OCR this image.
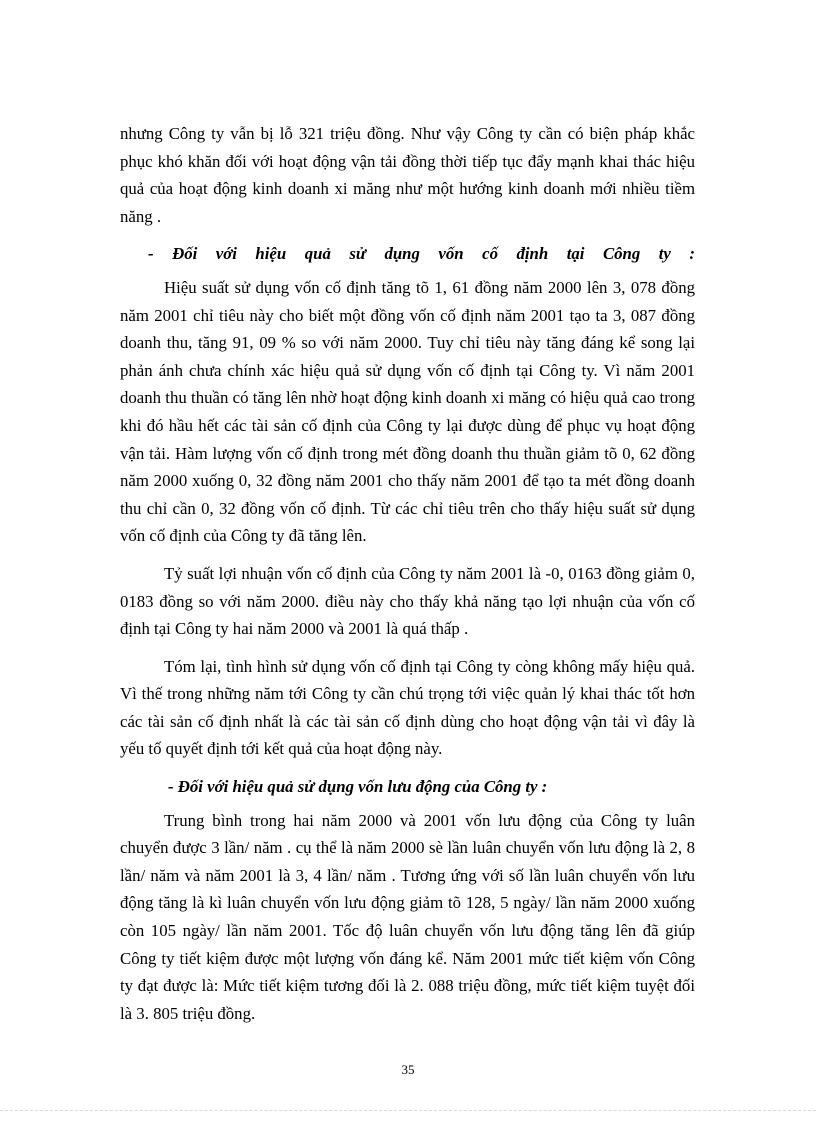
nhưng Công ty vẫn bị lỗ 321 triệu đồng. Như vậy Công ty cần có biện pháp khắc phục khó khăn đối với hoạt động vận tải đồng thời tiếp tục đẩy mạnh khai thác hiệu quả của hoạt động kinh doanh xi măng như một hướng kinh doanh mới nhiều tiềm năng .

- Đối với hiệu quả sử dụng vốn cố định tại Công ty :

Hiệu suất sử dụng vốn cố định tăng tõ 1, 61 đồng năm 2000 lên 3, 078 đồng năm 2001 chỉ tiêu này cho biết một đồng vốn cố định năm 2001 tạo ta 3, 087 đồng doanh thu, tăng 91, 09 % so với năm 2000. Tuy chỉ tiêu này tăng đáng kể song lại phản ánh chưa chính xác hiệu quả sử dụng vốn cố định tại Công ty. Vì năm 2001 doanh thu thuần có tăng lên nhờ hoạt động kinh doanh xi măng có hiệu quả cao trong khi đó hầu hết các tài sản cố định của Công ty lại được dùng để phục vụ hoạt động vận tải. Hàm lượng vốn cố định trong mét đồng doanh thu thuần giảm tõ 0, 62 đồng năm 2000 xuống 0, 32 đồng năm 2001 cho thấy năm 2001 để tạo ta mét đồng doanh thu chỉ cần 0, 32 đồng vốn cố định. Từ các chỉ tiêu trên cho thấy hiệu suất sử dụng vốn cố định của Công ty đã tăng lên.

Tỷ suất lợi nhuận vốn cố định của Công ty năm 2001 là -0, 0163 đồng giảm 0, 0183 đồng so với năm 2000. điều này cho thấy khả năng tạo lợi nhuận của vốn cố định tại Công ty hai năm 2000 và 2001 là quá thấp .

Tóm lại, tình hình sử dụng vốn cố định tại Công ty còng không mấy hiệu quả. Vì thế trong những năm tới Công ty cần chú trọng tới việc quản lý khai thác tốt hơn các tài sản cố định nhất là các tài sản cố định dùng cho hoạt động vận tải vì đây là yếu tố quyết định tới kết quả của hoạt động này.

- Đối với hiệu quả sử dụng vốn lưu động của Công ty :

Trung bình trong hai năm 2000 và 2001 vốn lưu động của Công ty luân chuyển được 3 lần/ năm . cụ thể là năm 2000 sè lần luân chuyển vốn lưu động là 2, 8 lần/ năm và năm 2001 là 3, 4 lần/ năm . Tương ứng với số lần luân chuyển vốn lưu động tăng là kì luân chuyển vốn lưu động giảm tõ 128, 5 ngày/ lần năm 2000 xuống còn 105 ngày/ lần năm 2001. Tốc độ luân chuyển vốn lưu động tăng lên đã giúp Công ty tiết kiệm được một lượng vốn đáng kể. Năm 2001 mức tiết kiệm vốn Công ty đạt được là: Mức tiết kiệm tương đối là 2. 088 triệu đồng, mức tiết kiệm tuyệt đối là 3. 805 triệu đồng.

35
